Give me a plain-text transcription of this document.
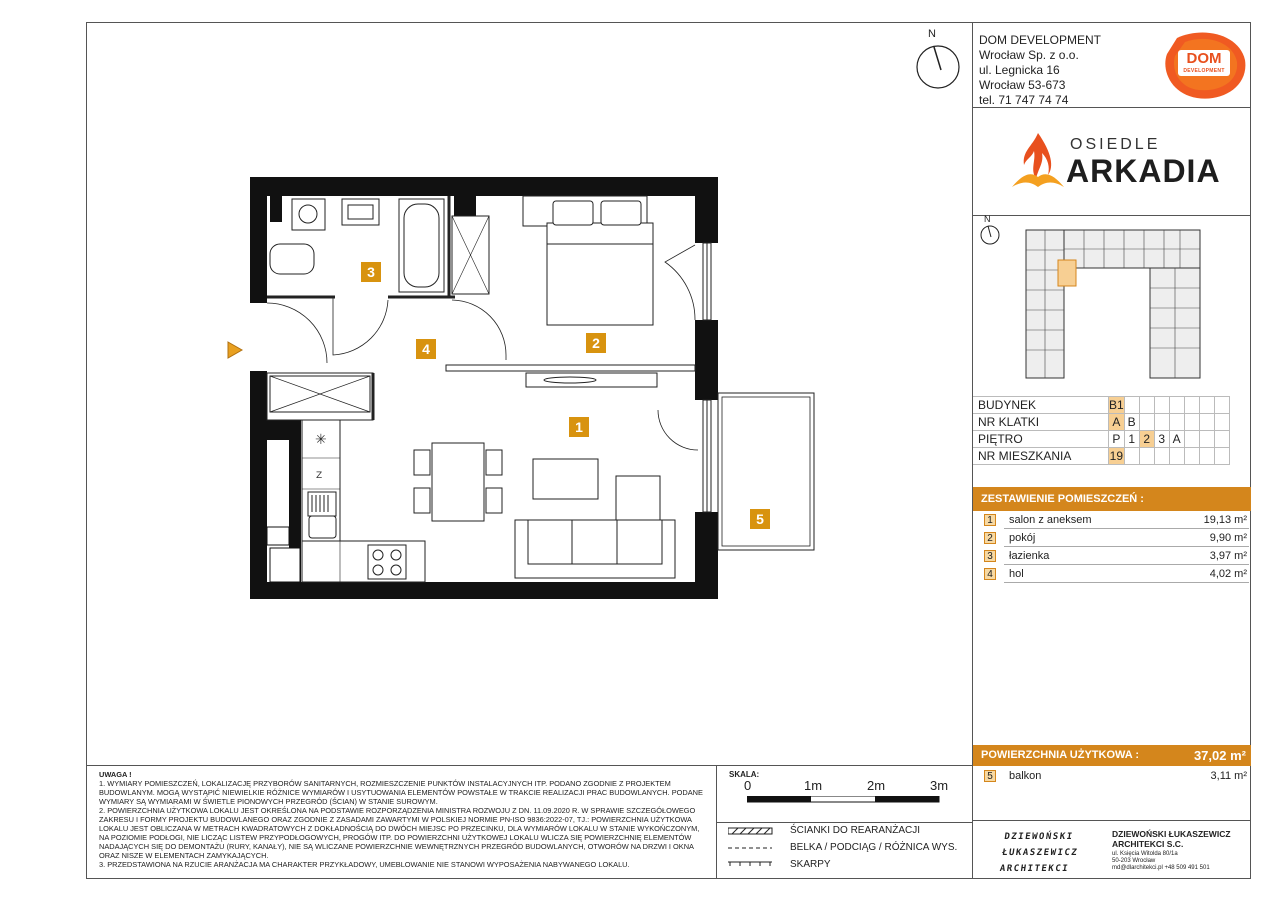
✳
Z
N
1
2
3
4
5
DOM DEVELOPMENT
Wrocław Sp. z o.o.
ul. Legnicka 16
Wrocław 53-673
tel. 71 747 74 74
DOM
DEVELOPMENT
OSIEDLE
ARKADIA
N
BUDYNEK	B1							
NR KLATKI	A	B						
PIĘTRO	P	1	2	3	A			
NR MIESZKANIA	19							
ZESTAWIENIE POMIESZCZEŃ :
1 salon z aneksem	19,13 m²
2 pokój	9,90 m²
3 łazienka	3,97 m²
4 hol	4,02 m²
POWIERZCHNIA UŻYTKOWA :	37,02 m²
5 balkon	3,11 m²
UWAGA !
1. WYMIARY POMIESZCZEŃ, LOKALIZACJĘ PRZYBORÓW SANITARNYCH, ROZMIESZCZENIE PUNKTÓW INSTALACYJNYCH ITP. PODANO ZGODNIE Z PROJEKTEM BUDOWLANYM. MOGĄ WYSTĄPIĆ NIEWIELKIE RÓŻNICE WYMIARÓW I USYTUOWANIA ELEMENTÓW POWSTAŁE W TRAKCIE REALIZACJI PRAC BUDOWLANYCH. PODANE WYMIARY SĄ WYMIARAMI W ŚWIETLE PIONOWYCH PRZEGRÓD (ŚCIAN) W STANIE SUROWYM.
2. POWIERZCHNIA UŻYTKOWA LOKALU JEST OKREŚLONA NA PODSTAWIE ROZPORZĄDZENIA MINISTRA ROZWOJU Z DN. 11.09.2020 R. W SPRAWIE SZCZEGÓŁOWEGO ZAKRESU I FORMY PROJEKTU BUDOWLANEGO ORAZ ZGODNIE Z ZASADAMI ZAWARTYMI W POLSKIEJ NORMIE PN-ISO 9836:2022-07, TJ.: POWIERZCHNIA UŻYTKOWA LOKALU JEST OBLICZANA W METRACH KWADRATOWYCH Z DOKŁADNOŚCIĄ DO DWÓCH MIEJSC PO PRZECINKU, DLA WYMIARÓW LOKALU W STANIE WYKOŃCZONYM, NA POZIOMIE PODŁOGI, NIE LICZĄC LISTEW PRZYPODŁOGOWYCH, PROGÓW ITP. DO POWIERZCHNI UŻYTKOWEJ LOKALU WLICZA SIĘ POWIERZCHNIĘ ELEMENTÓW NADAJĄCYCH SIĘ DO DEMONTAŻU (RURY, KANAŁY), NIE SĄ WLICZANE POWIERZCHNIE WEWNĘTRZNYCH PRZEGRÓD BUDOWLANYCH, OTWORÓW NA DRZWI I OKNA ORAZ NISZE W ELEMENTACH ZAMYKAJĄCYCH.
3. PRZEDSTAWIONA NA RZUCIE ARANŻACJA MA CHARAKTER PRZYKŁADOWY, UMEBLOWANIE NIE STANOWI WYPOSAŻENIA NABYWANEGO LOKALU.
SKALA:
0	1m	2m	3m
ŚCIANKI DO REARANŻACJI
BELKA / PODCIĄG / RÓŻNICA WYS.
SKARPY
DZIEWOŃSKI
ŁUKASZEWICZ
ARCHITEKCI
DZIEWOŃSKI ŁUKASZEWICZ
ARCHITEKCI S.C.
ul. Księcia Witolda 80/1a
50-203 Wrocław
md@dlarchitekci.pl +48 509 491 501
